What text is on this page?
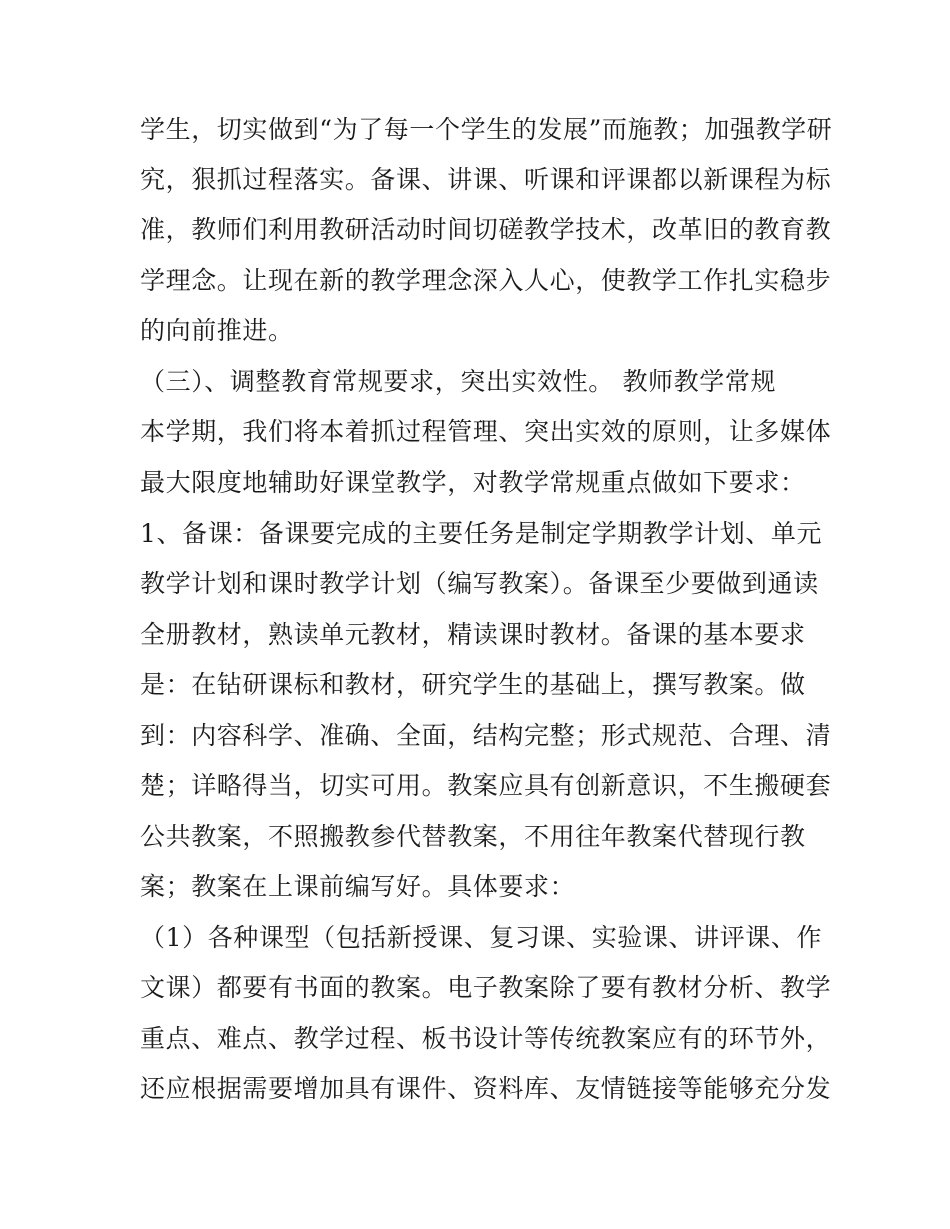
学生，切实做到“为了每一个学生的发展”而施教；加强教学研
究，狠抓过程落实。备课、讲课、听课和评课都以新课程为标
准，教师们利用教研活动时间切磋教学技术，改革旧的教育教
学理念。让现在新的教学理念深入人心，使教学工作扎实稳步
的向前推进。
（三）、调整教育常规要求，突出实效性。 教师教学常规
本学期，我们将本着抓过程管理、突出实效的原则，让多媒体
最大限度地辅助好课堂教学，对教学常规重点做如下要求：
1、备课：备课要完成的主要任务是制定学期教学计划、单元
教学计划和课时教学计划（编写教案）。备课至少要做到通读
全册教材，熟读单元教材，精读课时教材。备课的基本要求
是：在钻研课标和教材，研究学生的基础上，撰写教案。做
到：内容科学、准确、全面，结构完整；形式规范、合理、清
楚；详略得当，切实可用。教案应具有创新意识，不生搬硬套
公共教案，不照搬教参代替教案，不用往年教案代替现行教
案；教案在上课前编写好。具体要求：
（1）各种课型（包括新授课、复习课、实验课、讲评课、作
文课）都要有书面的教案。电子教案除了要有教材分析、教学
重点、难点、教学过程、板书设计等传统教案应有的环节外，
还应根据需要增加具有课件、资料库、友情链接等能够充分发
